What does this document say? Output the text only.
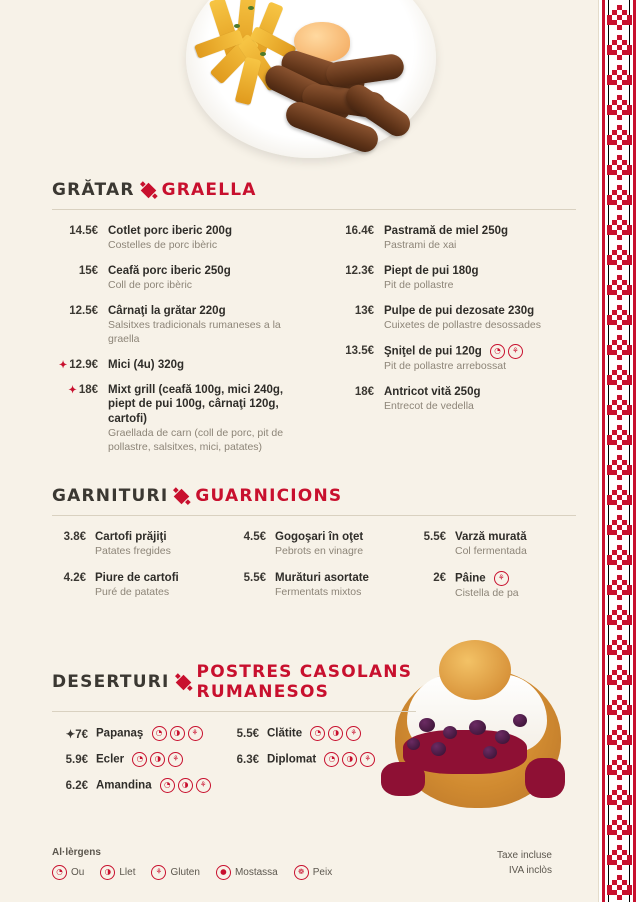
GRĂTAR GRAELLA
14.5€ Cotlet porc iberic 200g
Costelles de porc ibèric
15€ Ceafă porc iberic 250g
Coll de porc ibèric
12.5€ Cârnaţi la grătar 220g
Salsitxes tradicionals rumaneses a la graella
✦ 12.9€ Mici (4u) 320g
✦ 18€ Mixt grill (ceafă 100g, mici 240g, piept de pui 100g, cârnaţi 120g, cartofi)
Graellada de carn (coll de porc, pit de pollastre, salsitxes, mici, patates)
16.4€ Pastramă de miel 250g
Pastrami de xai
12.3€ Piept de pui 180g
Pit de pollastre
13€ Pulpe de pui dezosate 230g
Cuixetes de pollastre desossades
13.5€ Şniţel de pui 120g	◔	⚘
Pit de pollastre arrebossat
18€ Antricot vită 250g
Entrecot de vedella
GARNITURI GUARNICIONS
3.8€ Cartofi prăjiţi
Patates fregides
4.2€ Piure de cartofi
Puré de patates
4.5€ Gogoşari în oţet
Pebrots en vinagre
5.5€ Murături asortate
Fermentats mixtos
5.5€ Varză murată
Col fermentada
2€ Pâine	⚘
Cistella de pa
DESERTURI POSTRES CASOLANS RUMANESOS
✦7€ Papanaş	◔	◑	⚘
5.9€ Ecler	◔	◑	⚘
6.2€ Amandina	◔	◑	⚘
5.5€ Clătite	◔	◑	⚘
6.3€ Diplomat	◔	◑	⚘
Al·lèrgens
◔ Ou	◑ Llet	⚘ Gluten	● Mostassa	❁ Peix
Taxe incluse
IVA inclòs
